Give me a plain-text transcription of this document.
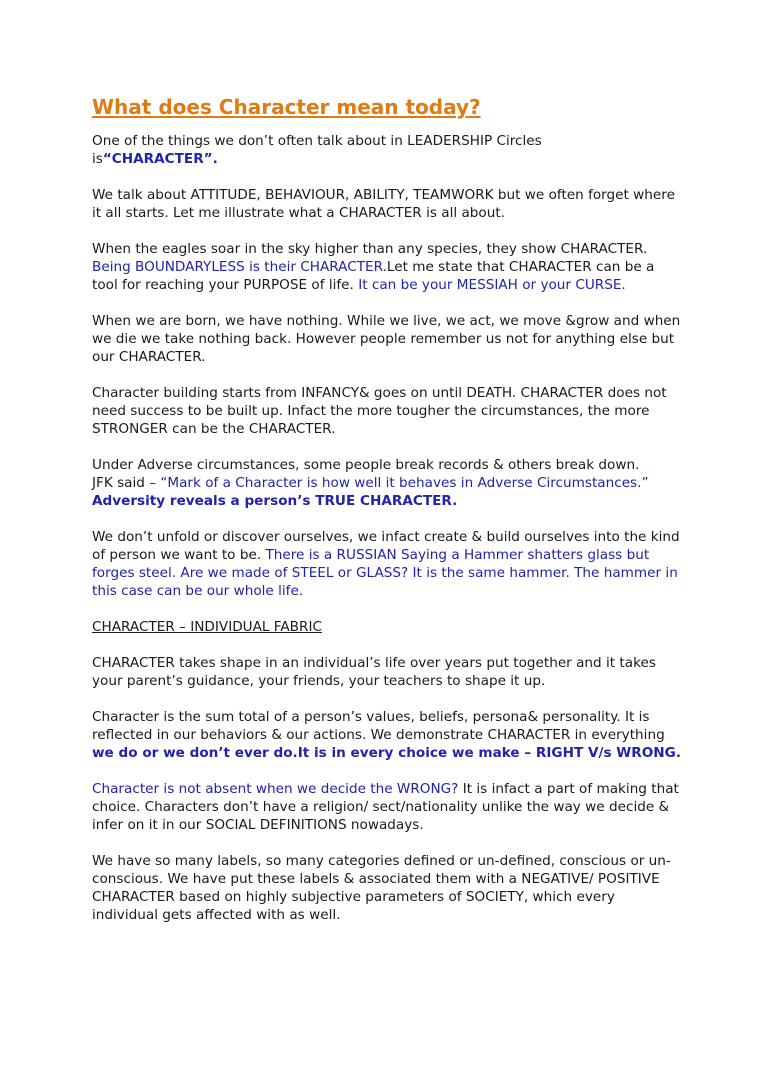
What does Character mean today?

One of the things we don’t often talk about in LEADERSHIP Circles
is“CHARACTER”.

We talk about ATTITUDE, BEHAVIOUR, ABILITY, TEAMWORK but we often forget where it all starts. Let me illustrate what a CHARACTER is all about.

When the eagles soar in the sky higher than any species, they show CHARACTER.
Being BOUNDARYLESS is their CHARACTER.Let me state that CHARACTER can be a tool for reaching your PURPOSE of life. It can be your MESSIAH or your CURSE.

When we are born, we have nothing. While we live, we act, we move &grow and when we die we take nothing back. However people remember us not for anything else but our CHARACTER.

Character building starts from INFANCY& goes on until DEATH. CHARACTER does not need success to be built up. Infact the more tougher the circumstances, the more STRONGER can be the CHARACTER.

Under Adverse circumstances, some people break records & others break down.
JFK said – “Mark of a Character is how well it behaves in Adverse Circumstances.”
Adversity reveals a person’s TRUE CHARACTER.

We don’t unfold or discover ourselves, we infact create & build ourselves into the kind of person we want to be. There is a RUSSIAN Saying a Hammer shatters glass but forges steel. Are we made of STEEL or GLASS? It is the same hammer. The hammer in this case can be our whole life.

CHARACTER – INDIVIDUAL FABRIC

CHARACTER takes shape in an individual’s life over years put together and it takes your parent’s guidance, your friends, your teachers to shape it up.

Character is the sum total of a person’s values, beliefs, persona& personality. It is reflected in our behaviors & our actions. We demonstrate CHARACTER in everything we do or we don’t ever do.It is in every choice we make – RIGHT V/s WRONG.

Character is not absent when we decide the WRONG? It is infact a part of making that choice. Characters don’t have a religion/ sect/nationality unlike the way we decide & infer on it in our SOCIAL DEFINITIONS nowadays.

We have so many labels, so many categories defined or un-defined, conscious or un-conscious. We have put these labels & associated them with a NEGATIVE/ POSITIVE CHARACTER based on highly subjective parameters of SOCIETY, which every individual gets affected with as well.
